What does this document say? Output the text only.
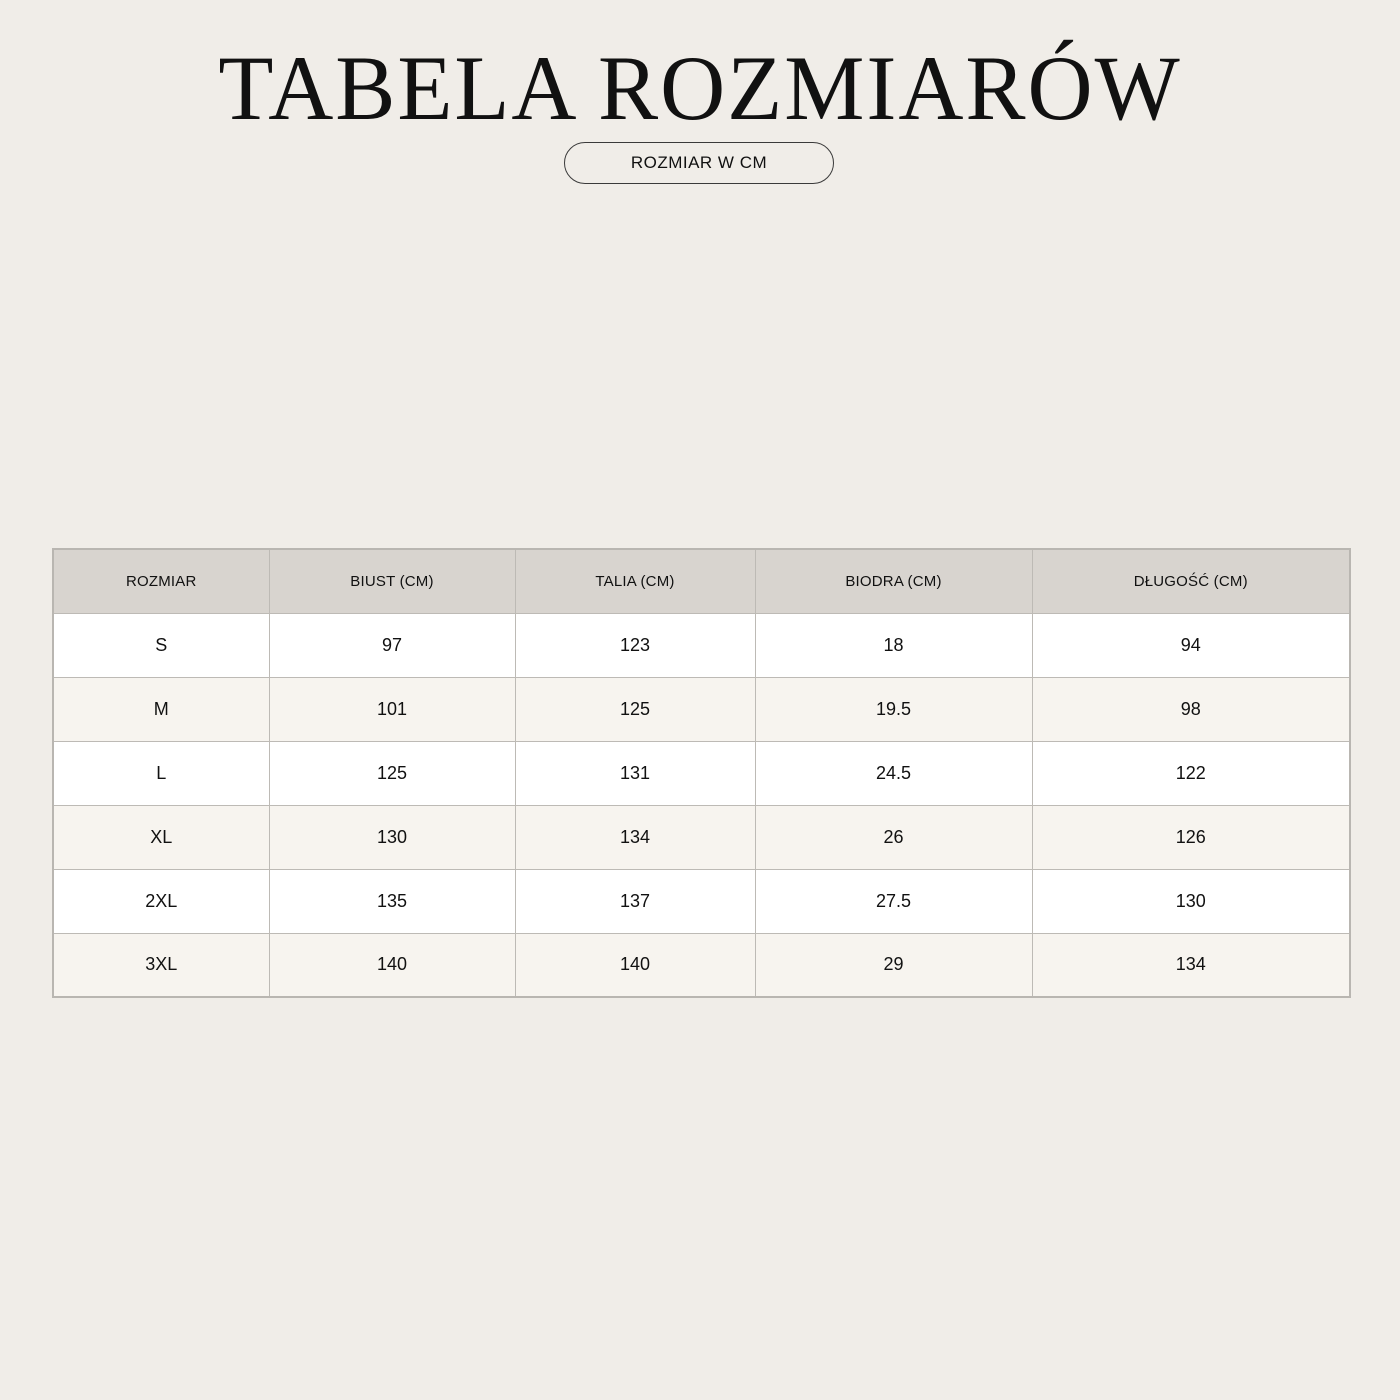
TABELA ROZMIARÓW
ROZMIAR W CM
ROZMIAR	BIUST (CM)	TALIA (CM)	BIODRA (CM)	DŁUGOŚĆ (CM)
S	97	123	18	94
M	101	125	19.5	98
L	125	131	24.5	122
XL	130	134	26	126
2XL	135	137	27.5	130
3XL	140	140	29	134
